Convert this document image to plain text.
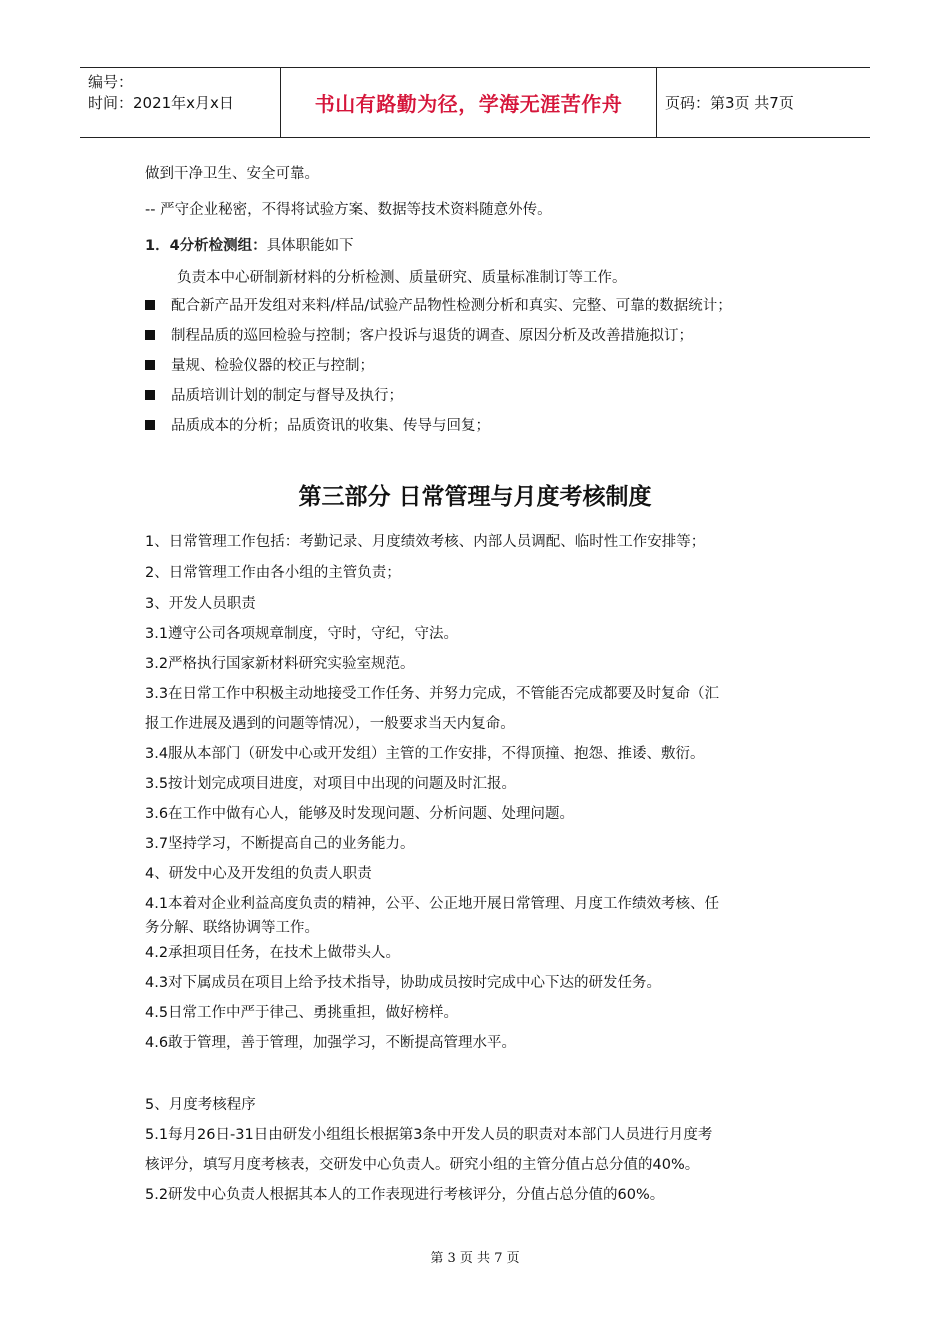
编号：
时间：2021年x月x日	书山有路勤为径，学海无涯苦作舟	页码：第3页 共7页
做到干净卫生、安全可靠。
-- 严守企业秘密，不得将试验方案、数据等技术资料随意外传。
1．4分析检测组：具体职能如下
负责本中心研制新材料的分析检测、质量研究、质量标准制订等工作。
配合新产品开发组对来料/样品/试验产品物性检测分析和真实、完整、可靠的数据统计；
制程品质的巡回检验与控制；客户投诉与退货的调查、原因分析及改善措施拟订；
量规、检验仪器的校正与控制；
品质培训计划的制定与督导及执行；
品质成本的分析；品质资讯的收集、传导与回复；
第三部分 日常管理与月度考核制度
1、日常管理工作包括：考勤记录、月度绩效考核、内部人员调配、临时性工作安排等；
2、日常管理工作由各小组的主管负责；
3、开发人员职责
3.1遵守公司各项规章制度，守时，守纪，守法。
3.2严格执行国家新材料研究实验室规范。
3.3在日常工作中积极主动地接受工作任务、并努力完成，不管能否完成都要及时复命（汇
报工作进展及遇到的问题等情况），一般要求当天内复命。
3.4服从本部门（研发中心或开发组）主管的工作安排，不得顶撞、抱怨、推诿、敷衍。
3.5按计划完成项目进度，对项目中出现的问题及时汇报。
3.6在工作中做有心人，能够及时发现问题、分析问题、处理问题。
3.7坚持学习，不断提高自己的业务能力。
4、研发中心及开发组的负责人职责
4.1本着对企业利益高度负责的精神，公平、公正地开展日常管理、月度工作绩效考核、任
务分解、联络协调等工作。
4.2承担项目任务，在技术上做带头人。
4.3对下属成员在项目上给予技术指导，协助成员按时完成中心下达的研发任务。
4.5日常工作中严于律己、勇挑重担，做好榜样。
4.6敢于管理，善于管理，加强学习，不断提高管理水平。
5、月度考核程序
5.1每月26日-31日由研发小组组长根据第3条中开发人员的职责对本部门人员进行月度考
核评分，填写月度考核表，交研发中心负责人。研究小组的主管分值占总分值的40%。
5.2研发中心负责人根据其本人的工作表现进行考核评分，分值占总分值的60%。
第 3 页 共 7 页
